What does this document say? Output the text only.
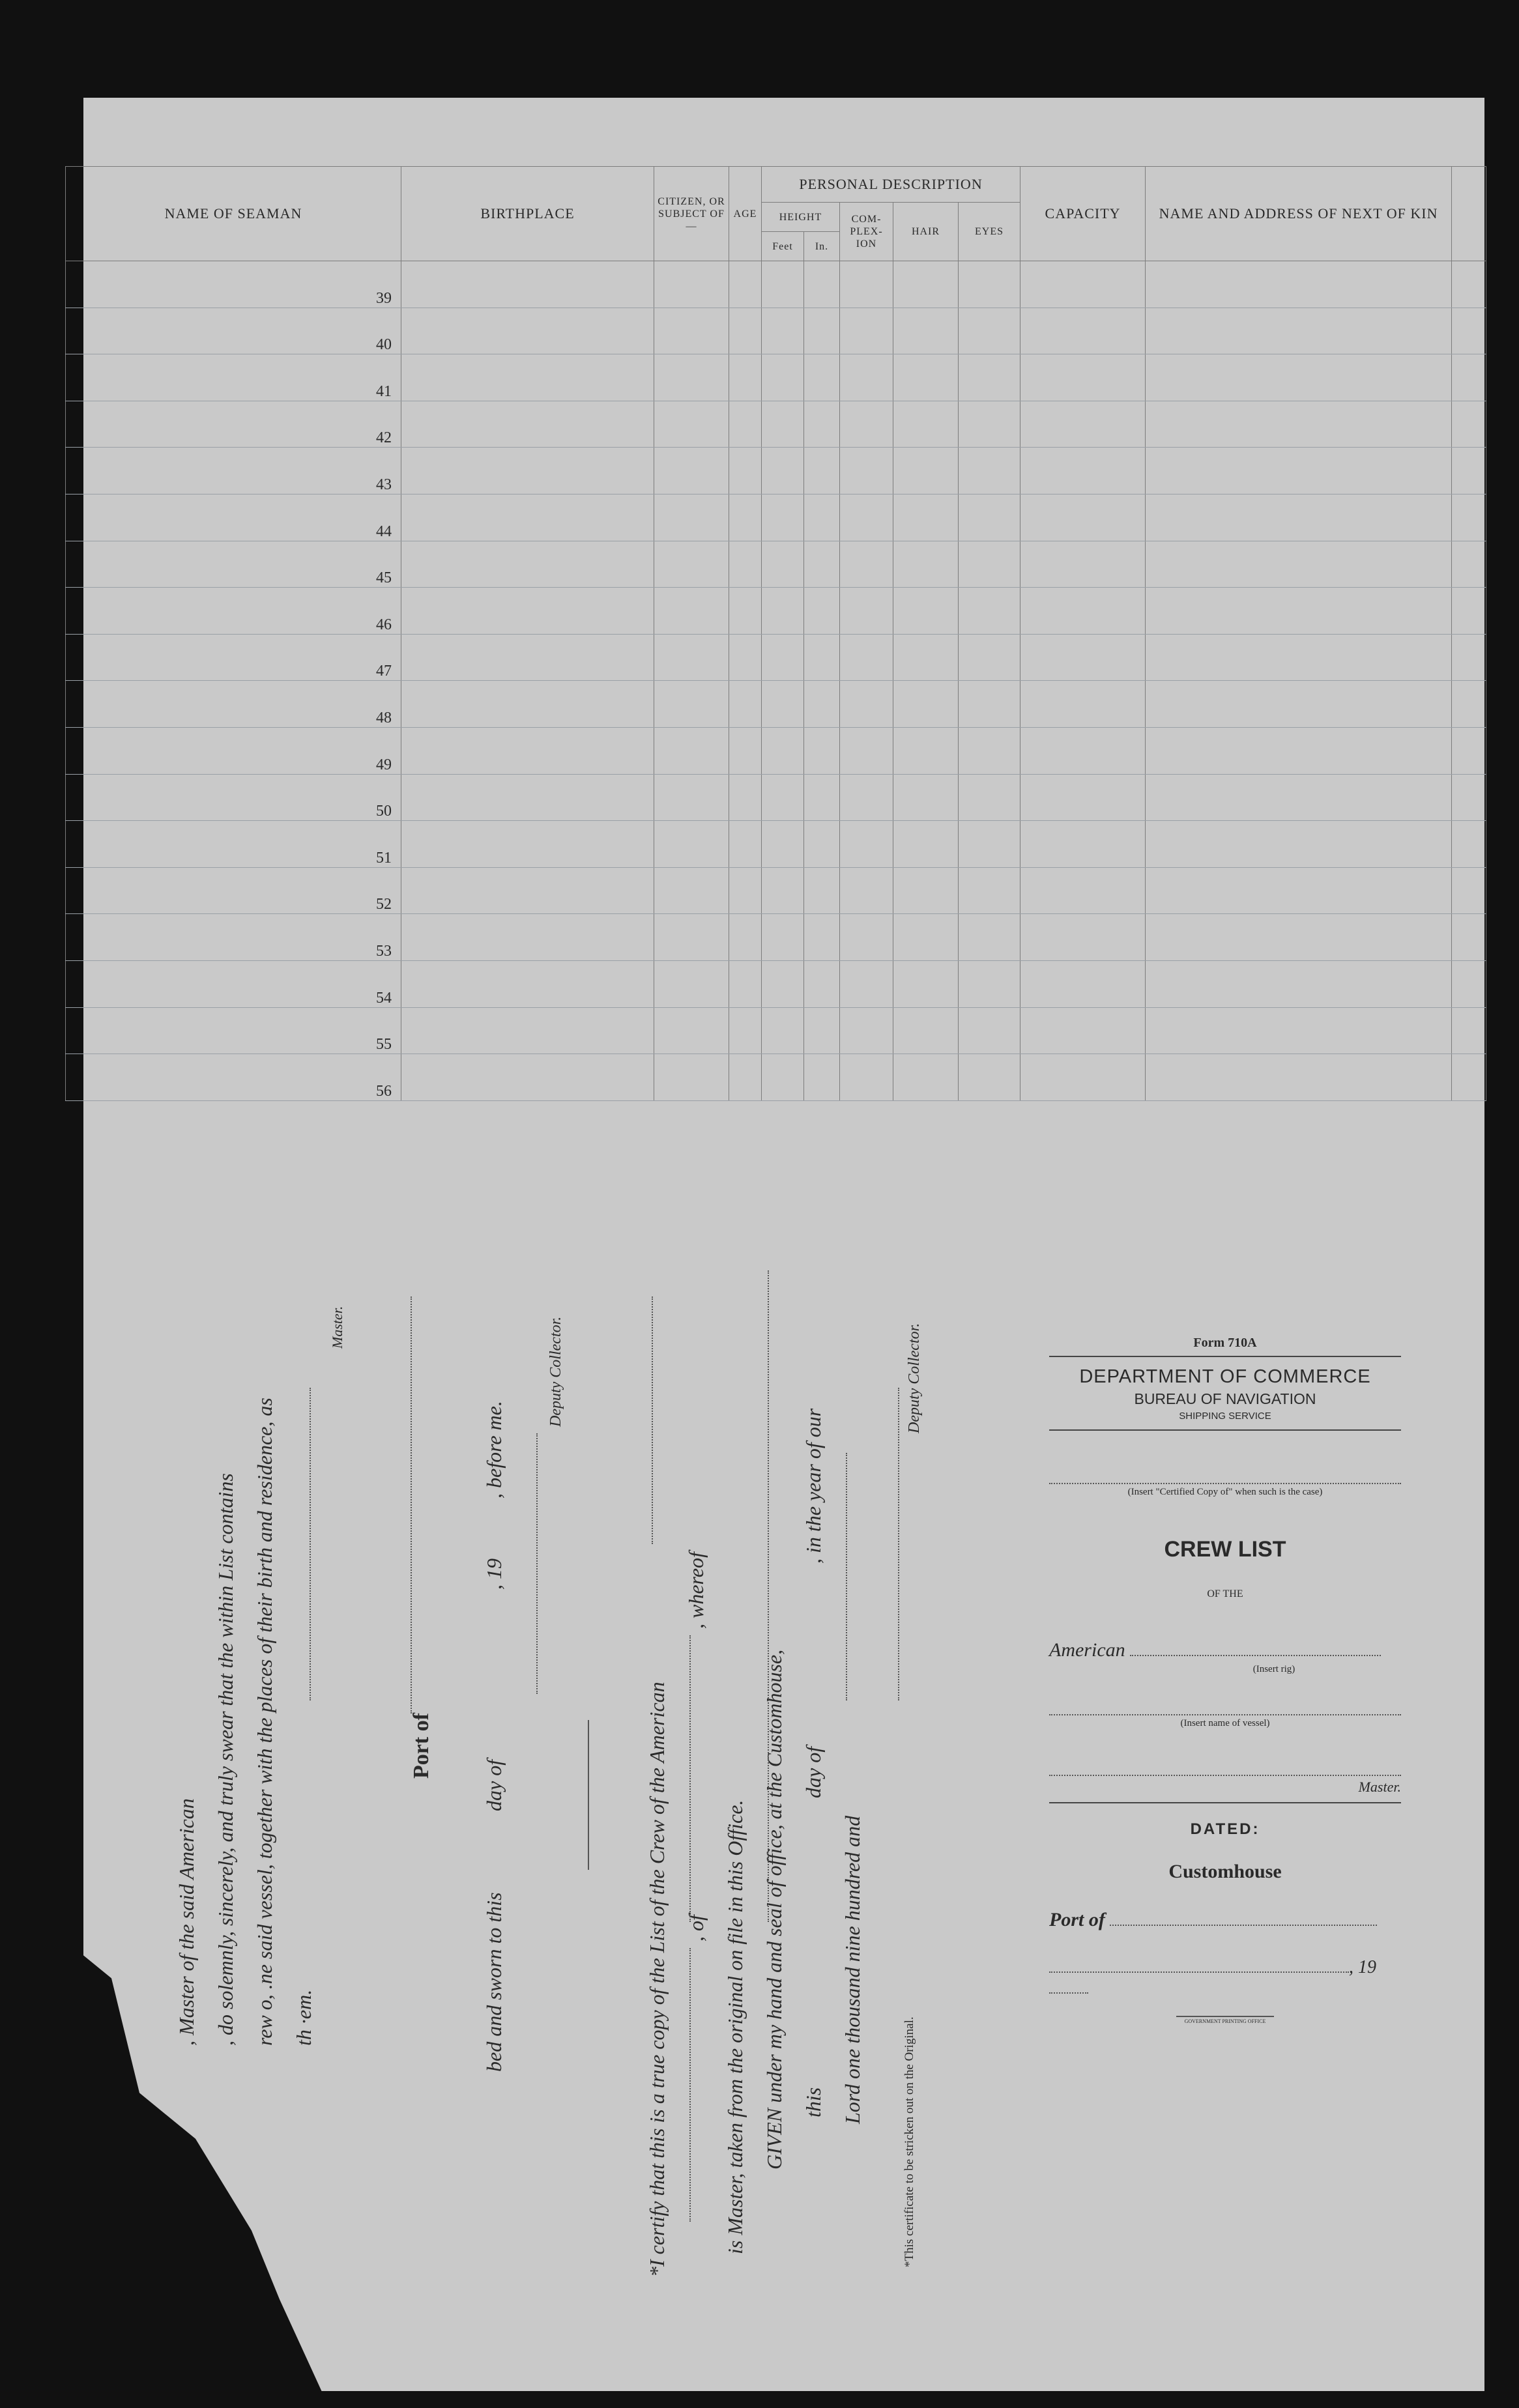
NAME OF SEAMAN	BIRTHPLACE	CITIZEN, OR SUBJECT OF—	AGE	PERSONAL DESCRIPTION					CAPACITY	NAME AND ADDRESS OF NEXT OF KIN	
				HEIGHT		COM- PLEX- ION	HAIR	EYES			
				Feet	In.						
39											
40											
41											
42											
43											
44											
45											
46											
47											
48											
49											
50											
51											
52											
53											
54											
55											
56											
, Master of the said American , do solemnly, sincerely, and truly swear that the within List contains rew o, .ne said vessel, together with the places of their birth and residence, as th ·em.
Master.
Port of
bed and sworn to this
day of
, 19
, before me.
Deputy Collector.
*I certify that this is a true copy of the List of the Crew of the American , of
, whereof
is Master, taken from the original on file in this Office. GIVEN under my hand and seal of office, at the Customhouse, this
day of
, in the year of our
Lord one thousand nine hundred and
Deputy Collector.
*This certificate to be stricken out on the Original.
Form 710A
DEPARTMENT OF COMMERCE
BUREAU OF NAVIGATION
SHIPPING SERVICE
(Insert "Certified Copy of" when such is the case)
CREW LIST
OF THE
American
(Insert rig)
(Insert name of vessel)
Master.
DATED:
Customhouse
Port of
, 19
GOVERNMENT PRINTING OFFICE
